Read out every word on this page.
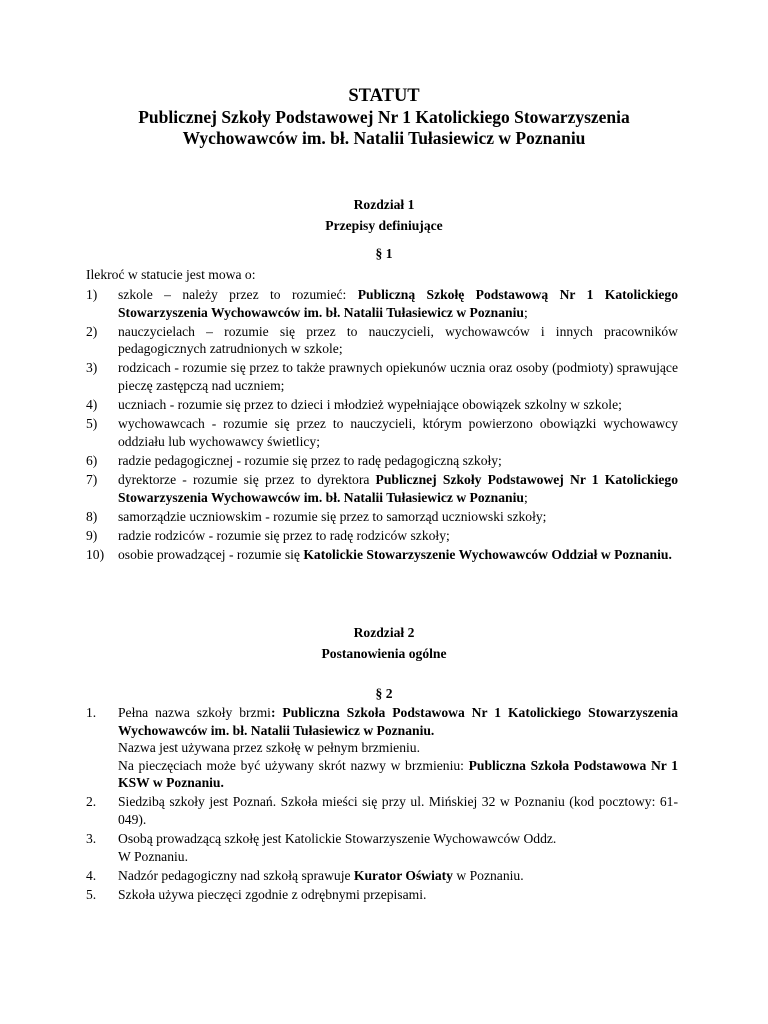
STATUT
Publicznej Szkoły Podstawowej Nr 1 Katolickiego Stowarzyszenia
Wychowawców im. bł. Natalii Tułasiewicz w Poznaniu
Rozdział 1
Przepisy definiujące
§ 1
Ilekroć w statucie jest mowa o:
1) szkole – należy przez to rozumieć: Publiczną Szkołę Podstawową Nr 1 Katolickiego Stowarzyszenia Wychowawców im. bł. Natalii Tułasiewicz w Poznaniu;
2) nauczycielach – rozumie się przez to nauczycieli, wychowawców i innych pracowników pedagogicznych zatrudnionych w szkole;
3) rodzicach - rozumie się przez to także prawnych opiekunów ucznia oraz osoby (podmioty) sprawujące pieczę zastępczą nad uczniem;
4) uczniach - rozumie się przez to dzieci i młodzież wypełniające obowiązek szkolny w szkole;
5) wychowawcach - rozumie się przez to nauczycieli, którym powierzono obowiązki wychowawcy oddziału lub wychowawcy świetlicy;
6) radzie pedagogicznej - rozumie się przez to radę pedagogiczną szkoły;
7) dyrektorze - rozumie się przez to dyrektora Publicznej Szkoły Podstawowej Nr 1 Katolickiego Stowarzyszenia Wychowawców im. bł. Natalii Tułasiewicz w Poznaniu;
8) samorządzie uczniowskim - rozumie się przez to samorząd uczniowski szkoły;
9) radzie rodziców - rozumie się przez to radę rodziców szkoły;
10) osobie prowadzącej - rozumie się Katolickie Stowarzyszenie Wychowawców Oddział w Poznaniu.
Rozdział 2
Postanowienia ogólne
§ 2
1. Pełna nazwa szkoły brzmi: Publiczna Szkoła Podstawowa Nr 1 Katolickiego Stowarzyszenia Wychowawców im. bł. Natalii Tułasiewicz w Poznaniu.
Nazwa jest używana przez szkołę w pełnym brzmieniu.
Na pieczęciach może być używany skrót nazwy w brzmieniu: Publiczna Szkoła Podstawowa Nr 1 KSW w Poznaniu.
2. Siedzibą szkoły jest Poznań. Szkoła mieści się przy ul. Mińskiej 32 w Poznaniu (kod pocztowy: 61-049).
3. Osobą prowadzącą szkołę jest Katolickie Stowarzyszenie Wychowawców Oddz.
W Poznaniu.
4. Nadzór pedagogiczny nad szkołą sprawuje Kurator Oświaty w Poznaniu.
5. Szkoła używa pieczęci zgodnie z odrębnymi przepisami.
